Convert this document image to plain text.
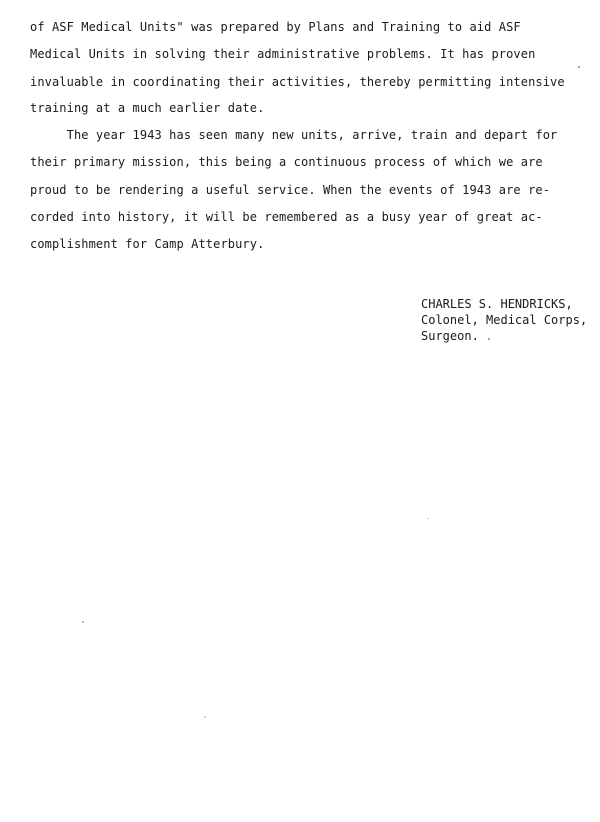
of ASF Medical Units" was prepared by Plans and Training to aid ASF
Medical Units in solving their administrative problems. It has proven
invaluable in coordinating their activities, thereby permitting intensive
training at a much earlier date.
The year 1943 has seen many new units, arrive, train and depart for
their primary mission, this being a continuous process of which we are
proud to be rendering a useful service. When the events of 1943 are re-
corded into history, it will be remembered as a busy year of great ac-
complishment for Camp Atterbury.
CHARLES S. HENDRICKS,
Colonel, Medical Corps,
Surgeon.
